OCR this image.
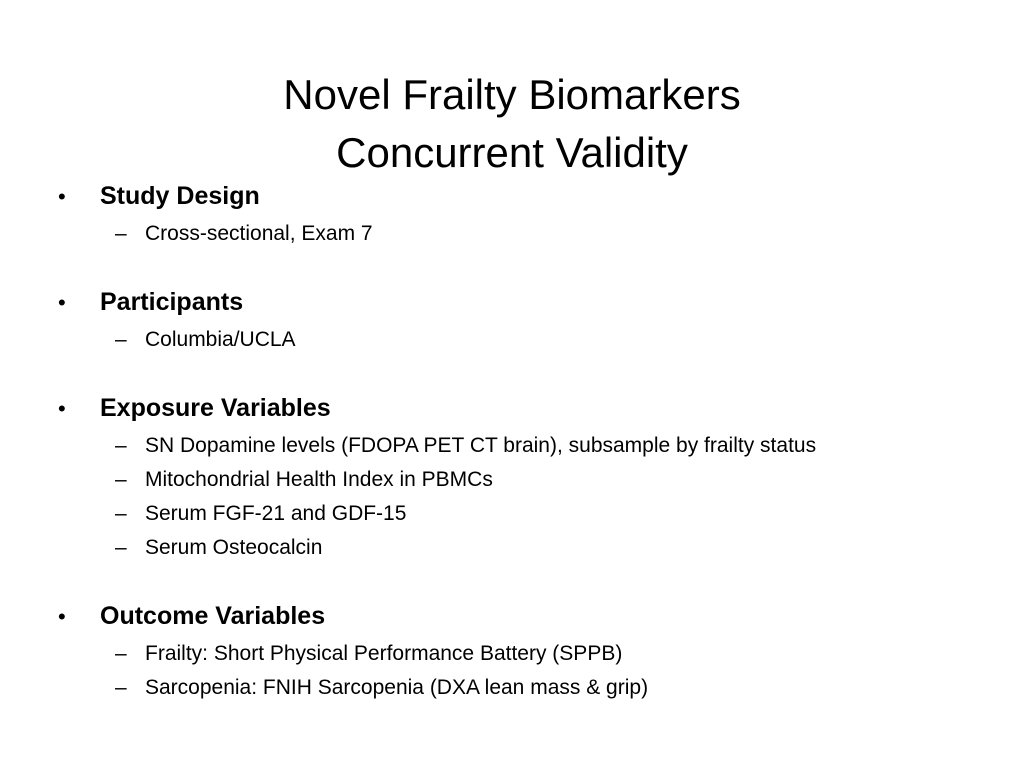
Novel Frailty Biomarkers
Concurrent Validity
•	Study Design
– Cross-sectional, Exam 7
•	Participants
– Columbia/UCLA
•	Exposure Variables
– SN Dopamine levels (FDOPA PET CT brain), subsample by frailty status
– Mitochondrial Health Index in PBMCs
– Serum FGF-21 and GDF-15
– Serum Osteocalcin
•	Outcome Variables
– Frailty: Short Physical Performance Battery (SPPB)
– Sarcopenia: FNIH Sarcopenia (DXA lean mass & grip)
